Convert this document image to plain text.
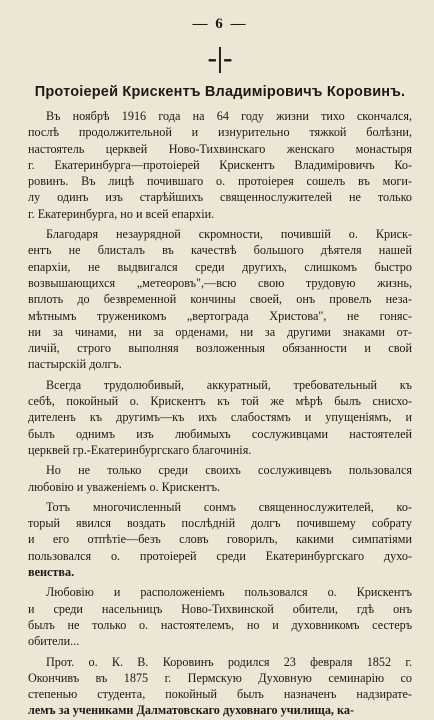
— 6 —
-|-
Протоіерей Крискентъ Владиміровичъ Коровинъ.
Въ ноябрѣ 1916 года на 64 году жизни тихо скончался,
послѣ продолжительной и изнурительно тяжкой болѣзни,
настоятель церквей Ново-Тихвинскаго женскаго монастыря
г. Екатеринбурга—протоіерей Крискентъ Владиміровичъ Ко-
ровинъ. Въ лицѣ почившаго о. протоіерея сошелъ въ моги-
лу одинъ изъ старѣйшихъ священнослужителей не только
г. Екатеринбурга, но и всей епархіи.
Благодаря незаурядной скромности, почившій о. Криск-
ентъ не блисталъ въ качествѣ большого дѣятеля нашей
епархіи, не выдвигался среди другихъ, слишкомъ быстро
возвышающихся „метеоровъ",—всю свою трудовую жизнь,
вплоть до безвременной кончины своей, онъ провелъ неза-
мѣтнымъ труженикомъ „вертограда Христова", не гоняс-
ни за чинами, ни за орденами, ни за другими знаками от-
личій, строго выполняя возложенныя обязанности и свой
пастырскій долгъ.
Всегда трудолюбивый, аккуратный, требовательный къ
себѣ, покойный о. Крискентъ къ той же мѣрѣ былъ снисхо-
дителенъ къ другимъ—къ ихъ слабостямъ и упущеніямъ, и
былъ однимъ изъ любимыхъ сослуживцами настоятелей
церквей гр.-Екатеринбургскаго благочинія.
Но не только среди своихъ сослуживцевъ пользовался
любовію и уваженіемъ о. Крискентъ.
Тотъ многочисленный сонмъ священнослужителей, ко-
торый явился воздать послѣдній долгъ почившему собрату
и его отпѣтіе—безъ словъ говорилъ, какими симпатіями
пользовался о. протоіерей среди Екатеринбургскаго духо-
венства.
Любовію и расположеніемъ пользовался о. Крискентъ
и среди насельницъ Ново-Тихвинской обители, гдѣ онъ
былъ не только о. настоятелемъ, но и духовникомъ сестеръ
обители...
Прот. о. К. В. Коровинъ родился 23 февраля 1852 г.
Окончивъ въ 1875 г. Пермскую Духовную семинарію со
степенью студента, покойный былъ назначенъ надзирате-
лемъ за учениками Далматовскаго духовнаго училища, ка-
